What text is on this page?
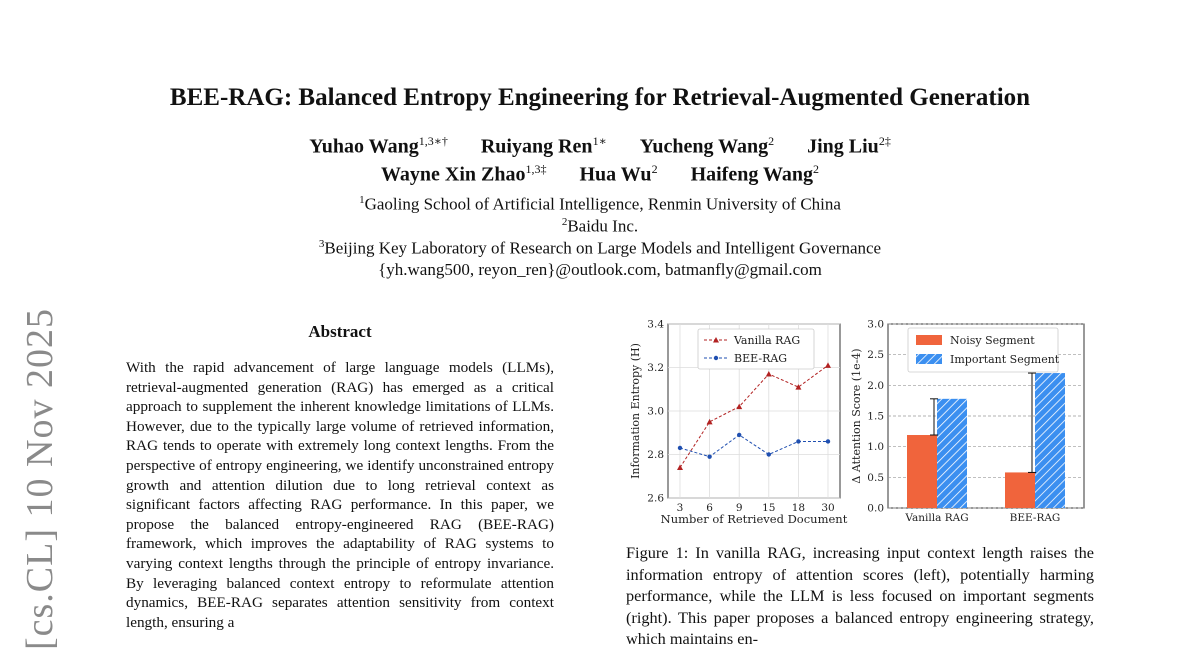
[cs.CL] 10 Nov 2025
BEE-RAG: Balanced Entropy Engineering for Retrieval-Augmented Generation
Yuhao Wang$^{1,3∗\dagger}$ Ruiyang Ren$^{1∗}$ Yucheng Wang$^2$ Jing Liu$^{2\ddagger}$
Wayne Xin Zhao$^{1,3\ddagger}$ Hua Wu$^2$ Haifeng Wang$^2$
$^1$Gaoling School of Artificial Intelligence, Renmin University of China
$^2$Baidu Inc.
$^3$Beijing Key Laboratory of Research on Large Models and Intelligent Governance
{yh.wang500, reyon_ren}@outlook.com, batmanfly@gmail.com
Abstract
With the rapid advancement of large language models (LLMs), retrieval-augmented generation (RAG) has emerged as a critical approach to supplement the inherent knowledge limitations of LLMs. However, due to the typically large volume of retrieved information, RAG tends to operate with extremely long context lengths. From the perspective of entropy engineering, we identify unconstrained entropy growth and attention dilution due to long retrieval context as significant factors affecting RAG performance. In this paper, we propose the balanced entropy-engineered RAG (BEE-RAG) framework, which improves the adaptability of RAG systems to varying context lengths through the principle of entropy invariance. By leveraging balanced context entropy to reformulate attention dynamics, BEE-RAG separates attention sensitivity from context length, ensuring a
2.6
2.8
3.0
3.2
3.4
3 6 9 15 18 30
Vanilla RAG
BEE-RAG
Number of Retrieved Document
Information Entropy (H)
0.0
0.5
1.0
1.5
2.0
2.5
3.0
Vanilla RAG	BEE-RAG
Noisy Segment
Important Segment
Δ Attention Score (1e-4)
Figure 1: In vanilla RAG, increasing input context length raises the information entropy of attention scores (left), potentially harming performance, while the LLM is less focused on important segments (right). This paper proposes a balanced entropy engineering strategy, which maintains en-
